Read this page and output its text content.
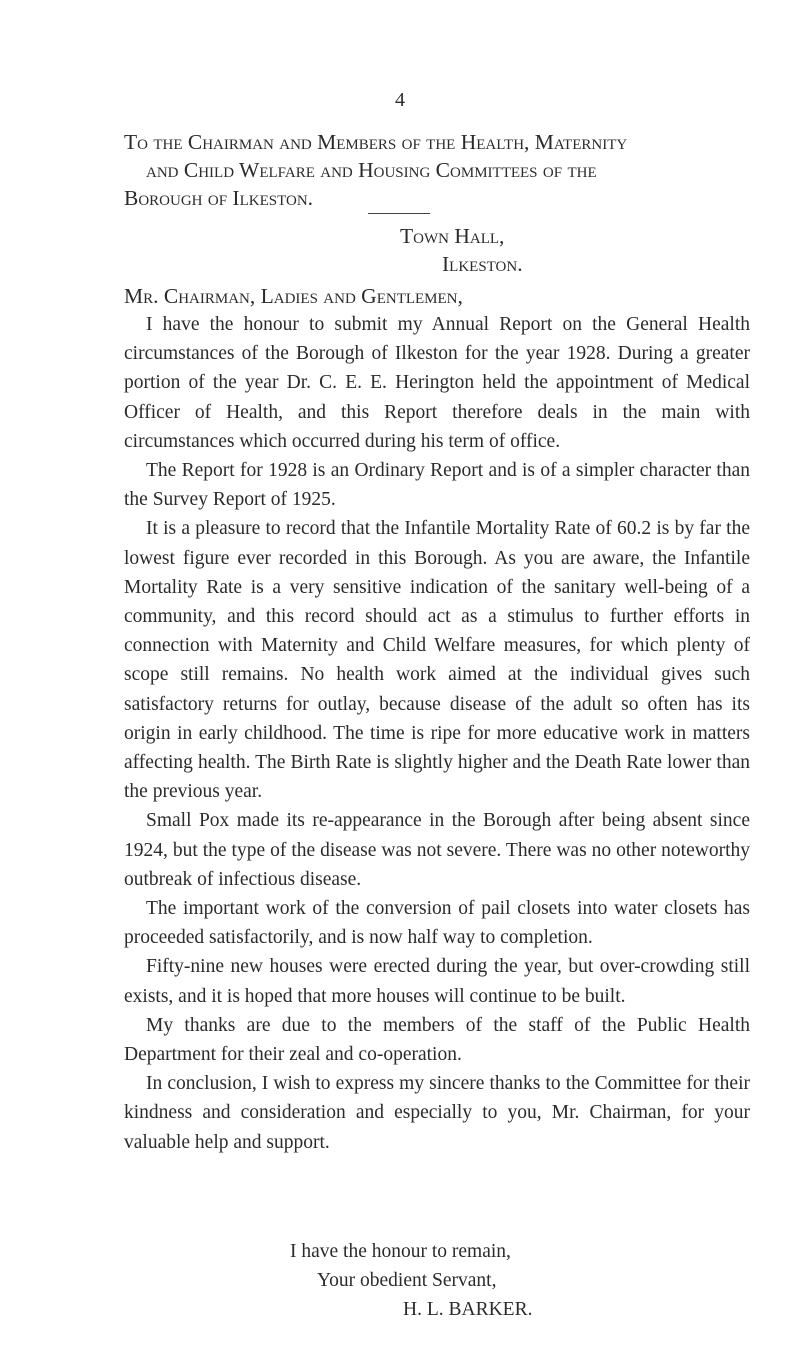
4
To the Chairman and Members of the Health, Maternity
and Child Welfare and Housing Committees of the
Borough of Ilkeston.
Town Hall,
Ilkeston.
Mr. Chairman, Ladies and Gentlemen,

I have the honour to submit my Annual Report on the General Health circumstances of the Borough of Ilkeston for the year 1928. During a greater portion of the year Dr. C. E. E. Herington held the appointment of Medical Officer of Health, and this Report therefore deals in the main with circumstances which occurred during his term of office.

The Report for 1928 is an Ordinary Report and is of a simpler character than the Survey Report of 1925.

It is a pleasure to record that the Infantile Mortality Rate of 60.2 is by far the lowest figure ever recorded in this Borough. As you are aware, the Infantile Mortality Rate is a very sensitive indication of the sanitary well-being of a community, and this record should act as a stimulus to further efforts in connection with Maternity and Child Welfare measures, for which plenty of scope still remains. No health work aimed at the individual gives such satisfactory returns for outlay, because disease of the adult so often has its origin in early childhood. The time is ripe for more educative work in matters affecting health. The Birth Rate is slightly higher and the Death Rate lower than the previous year.

Small Pox made its re-appearance in the Borough after being absent since 1924, but the type of the disease was not severe. There was no other noteworthy outbreak of infectious disease.

The important work of the conversion of pail closets into water closets has proceeded satisfactorily, and is now half way to completion.

Fifty-nine new houses were erected during the year, but over-crowding still exists, and it is hoped that more houses will continue to be built.

My thanks are due to the members of the staff of the Public Health Department for their zeal and co-operation.

In conclusion, I wish to express my sincere thanks to the Committee for their kindness and consideration and especially to you, Mr. Chairman, for your valuable help and support.

I have the honour to remain,
Your obedient Servant,
H. L. BARKER.
